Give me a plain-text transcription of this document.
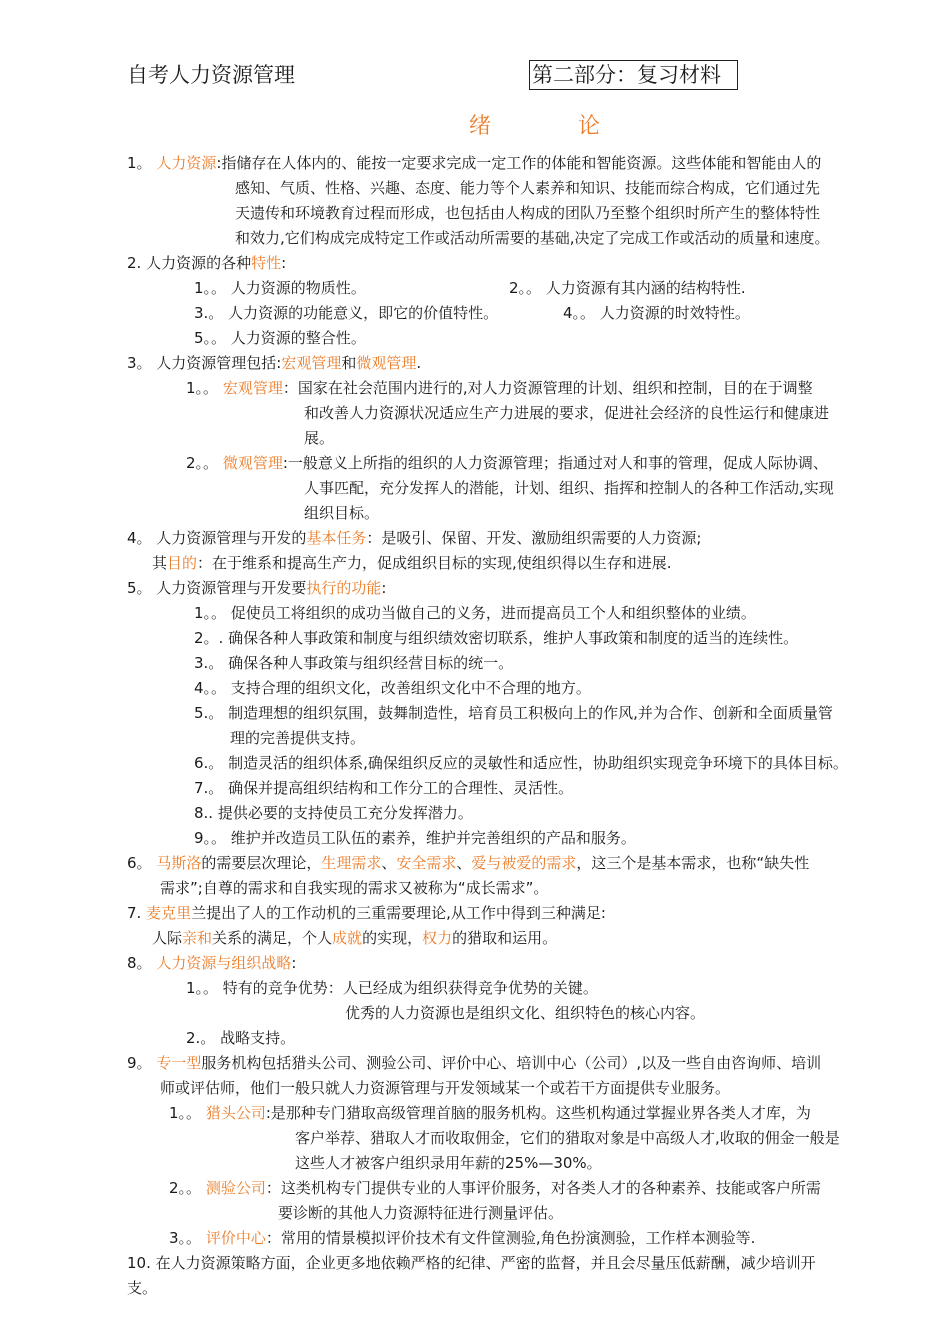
自考人力资源管理	第二部分：复习材料
绪 论
1。 人力资源:指储存在人体内的、能按一定要求完成一定工作的体能和智能资源。这些体能和智能由人的
感知、气质、性格、兴趣、态度、能力等个人素养和知识、技能而综合构成，它们通过先
天遗传和环境教育过程而形成，也包括由人构成的团队乃至整个组织时所产生的整体特性
和效力,它们构成完成特定工作或活动所需要的基础,决定了完成工作或活动的质量和速度。
2. 人力资源的各种特性:
1。。 人力资源的物质性。	2。。 人力资源有其内涵的结构特性.
3.。 人力资源的功能意义，即它的价值特性。	4。。 人力资源的时效特性。
5。。 人力资源的整合性。
3。 人力资源管理包括:宏观管理和微观管理.
1。。 宏观管理：国家在社会范围内进行的,对人力资源管理的计划、组织和控制，目的在于调整
和改善人力资源状况适应生产力进展的要求，促进社会经济的良性运行和健康进
展。
2。。 微观管理:一般意义上所指的组织的人力资源管理；指通过对人和事的管理，促成人际协调、
人事匹配，充分发挥人的潜能，计划、组织、指挥和控制人的各种工作活动,实现
组织目标。
4。 人力资源管理与开发的基本任务：是吸引、保留、开发、激励组织需要的人力资源;
其目的：在于维系和提高生产力，促成组织目标的实现,使组织得以生存和进展.
5。 人力资源管理与开发要执行的功能:
1。。 促使员工将组织的成功当做自己的义务，进而提高员工个人和组织整体的业绩。
2。. 确保各种人事政策和制度与组织绩效密切联系，维护人事政策和制度的适当的连续性。
3.。 确保各种人事政策与组织经营目标的统一。
4。。 支持合理的组织文化，改善组织文化中不合理的地方。
5.。 制造理想的组织氛围，鼓舞制造性，培育员工积极向上的作风,并为合作、创新和全面质量管
理的完善提供支持。
6.。 制造灵活的组织体系,确保组织反应的灵敏性和适应性，协助组织实现竞争环境下的具体目标。
7.。 确保并提高组织结构和工作分工的合理性、灵活性。
8.. 提供必要的支持使员工充分发挥潜力。
9。。 维护并改造员工队伍的素养，维护并完善组织的产品和服务。
6。 马斯洛的需要层次理论，生理需求、安全需求、爱与被爱的需求，这三个是基本需求，也称“缺失性
需求”;自尊的需求和自我实现的需求又被称为“成长需求”。
7. 麦克里兰提出了人的工作动机的三重需要理论,从工作中得到三种满足:
人际亲和关系的满足，个人成就的实现，权力的猎取和运用。
8。 人力资源与组织战略:
1。。 特有的竞争优势：人已经成为组织获得竞争优势的关键。
优秀的人力资源也是组织文化、组织特色的核心内容。
2.。 战略支持。
9。 专一型服务机构包括猎头公司、测验公司、评价中心、培训中心（公司）,以及一些自由咨询师、培训
师或评估师，他们一般只就人力资源管理与开发领域某一个或若干方面提供专业服务。
1。。 猎头公司:是那种专门猎取高级管理首脑的服务机构。这些机构通过掌握业界各类人才库，为
客户举荐、猎取人才而收取佣金，它们的猎取对象是中高级人才,收取的佣金一般是
这些人才被客户组织录用年薪的25%—30%。
2。。 测验公司：这类机构专门提供专业的人事评价服务，对各类人才的各种素养、技能或客户所需
要诊断的其他人力资源特征进行测量评估。
3。。 评价中心：常用的情景模拟评价技术有文件筐测验,角色扮演测验，工作样本测验等.
10. 在人力资源策略方面，企业更多地依赖严格的纪律、严密的监督，并且会尽量压低薪酬，减少培训开
支。
